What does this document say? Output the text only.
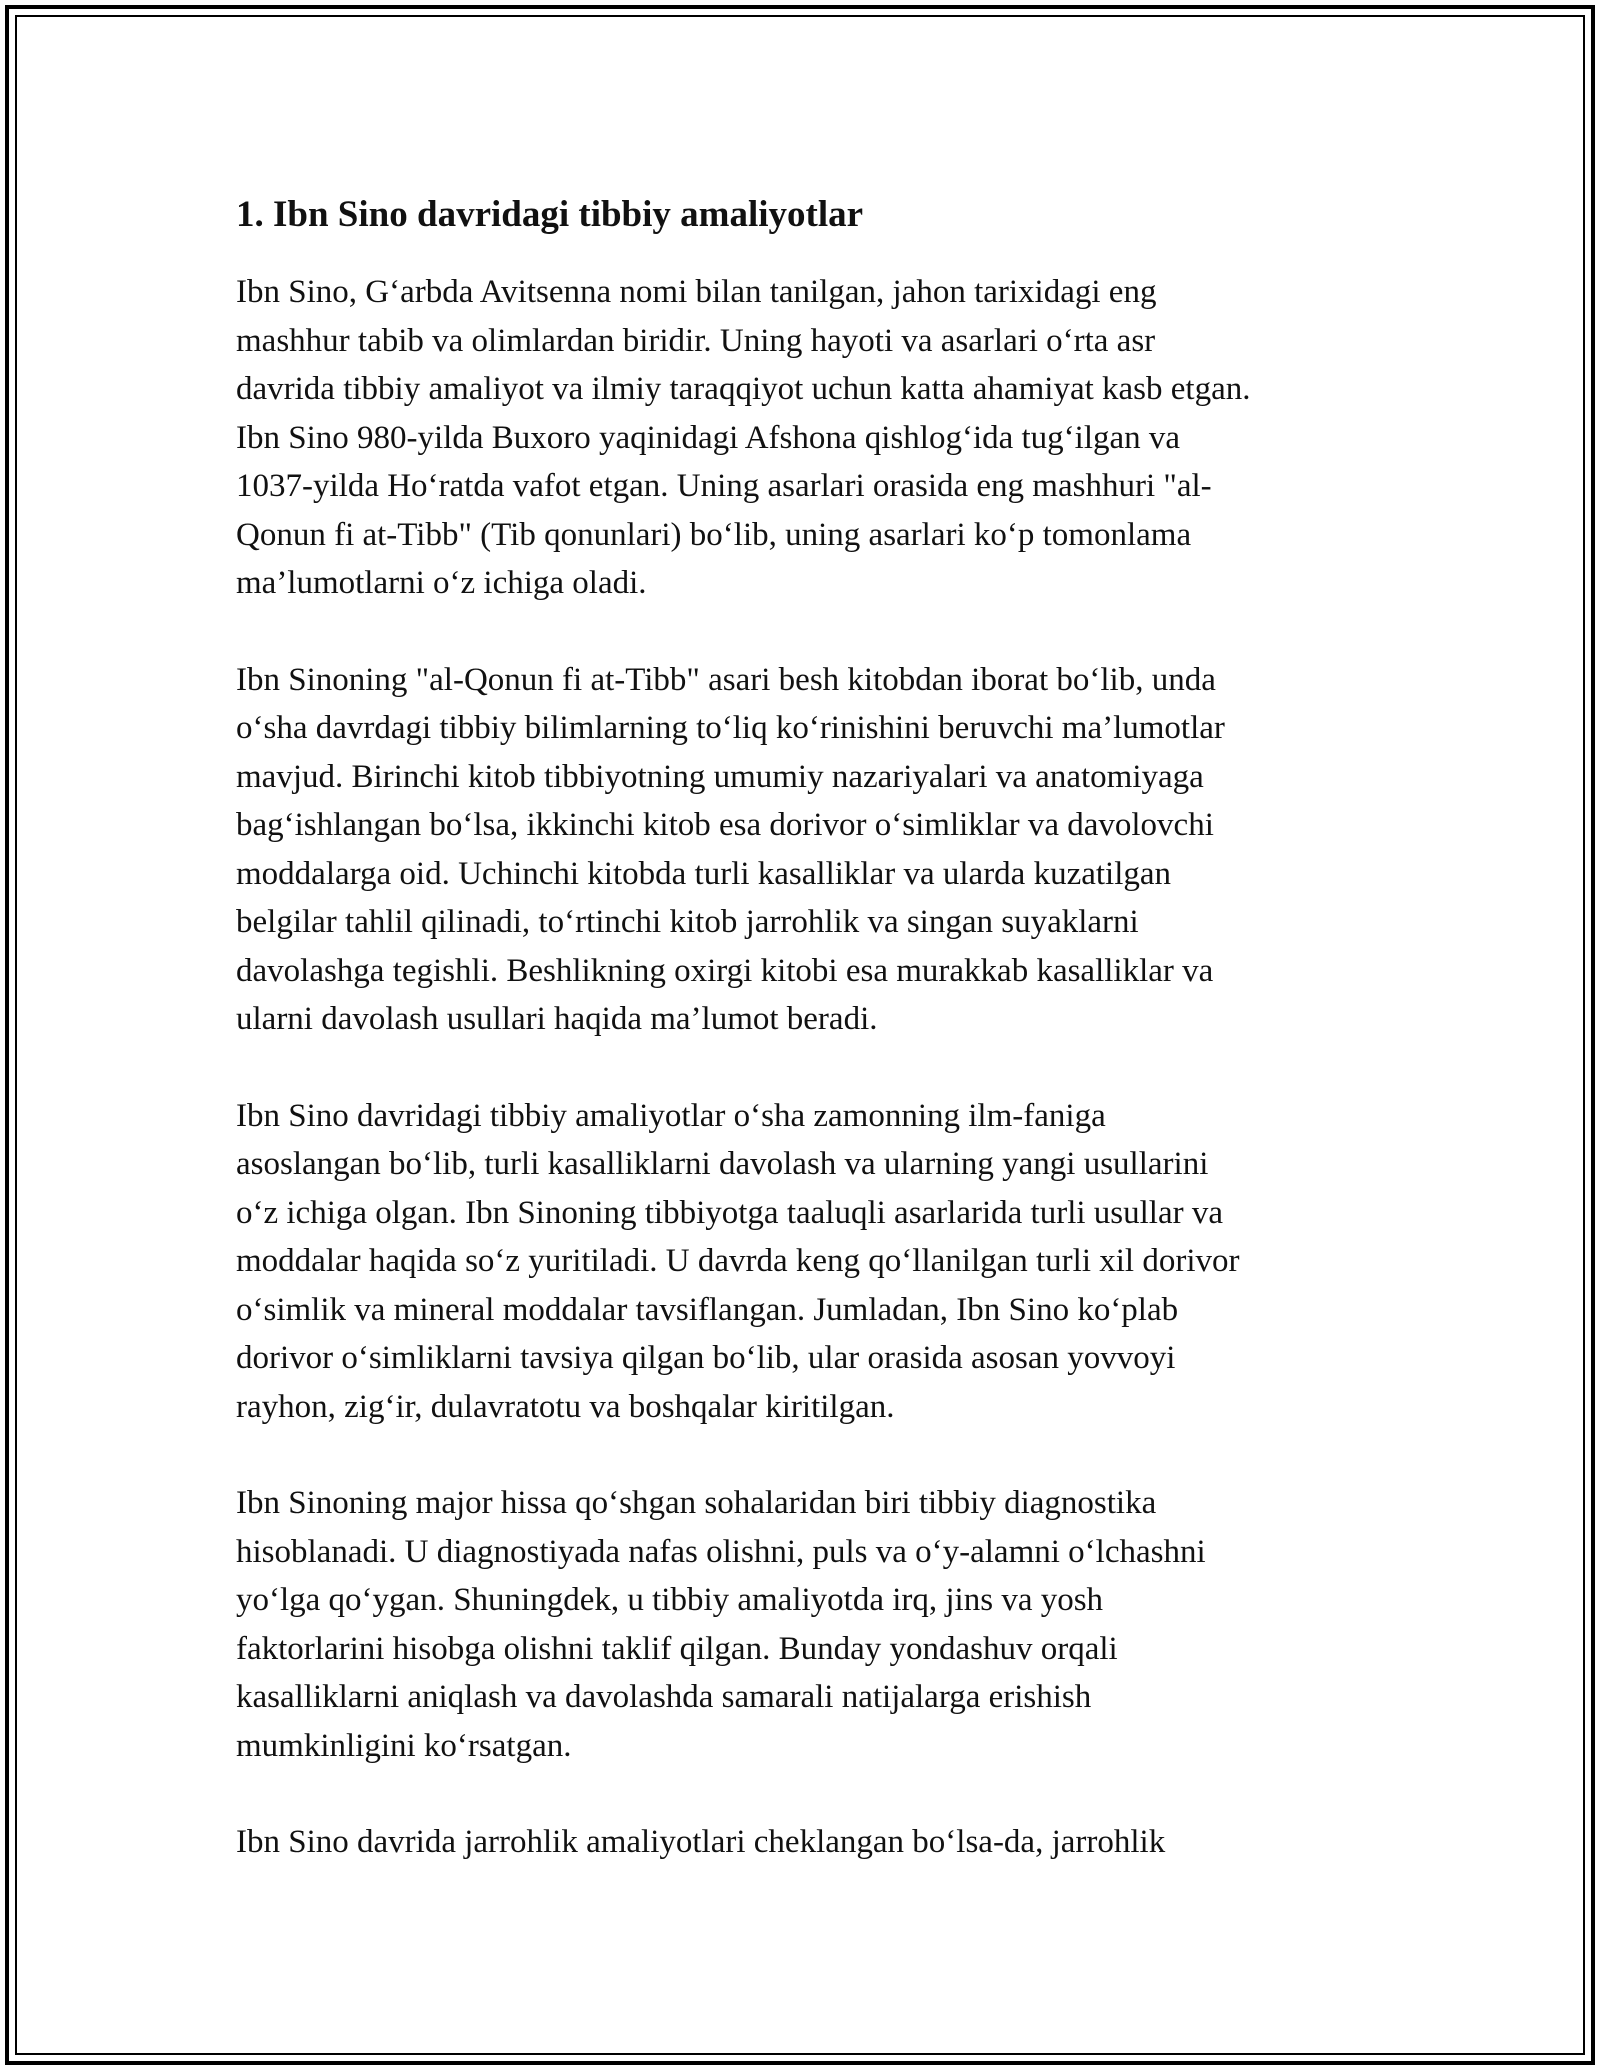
1. Ibn Sino davridagi tibbiy amaliyotlar

Ibn Sino, G‘arbda Avitsenna nomi bilan tanilgan, jahon tarixidagi eng
mashhur tabib va olimlardan biridir. Uning hayoti va asarlari o‘rta asr
davrida tibbiy amaliyot va ilmiy taraqqiyot uchun katta ahamiyat kasb etgan.
Ibn Sino 980-yilda Buxoro yaqinidagi Afshona qishlog‘ida tug‘ilgan va
1037-yilda Ho‘ratda vafot etgan. Uning asarlari orasida eng mashhuri "al-
Qonun fi at-Tibb" (Tib qonunlari) bo‘lib, uning asarlari ko‘p tomonlama
ma’lumotlarni o‘z ichiga oladi.

Ibn Sinoning "al-Qonun fi at-Tibb" asari besh kitobdan iborat bo‘lib, unda
o‘sha davrdagi tibbiy bilimlarning to‘liq ko‘rinishini beruvchi ma’lumotlar
mavjud. Birinchi kitob tibbiyotning umumiy nazariyalari va anatomiyaga
bag‘ishlangan bo‘lsa, ikkinchi kitob esa dorivor o‘simliklar va davolovchi
moddalarga oid. Uchinchi kitobda turli kasalliklar va ularda kuzatilgan
belgilar tahlil qilinadi, to‘rtinchi kitob jarrohlik va singan suyaklarni
davolashga tegishli. Beshlikning oxirgi kitobi esa murakkab kasalliklar va
ularni davolash usullari haqida ma’lumot beradi.

Ibn Sino davridagi tibbiy amaliyotlar o‘sha zamonning ilm-faniga
asoslangan bo‘lib, turli kasalliklarni davolash va ularning yangi usullarini
o‘z ichiga olgan. Ibn Sinoning tibbiyotga taaluqli asarlarida turli usullar va
moddalar haqida so‘z yuritiladi. U davrda keng qo‘llanilgan turli xil dorivor
o‘simlik va mineral moddalar tavsiflangan. Jumladan, Ibn Sino ko‘plab
dorivor o‘simliklarni tavsiya qilgan bo‘lib, ular orasida asosan yovvoyi
rayhon, zig‘ir, dulavratotu va boshqalar kiritilgan.

Ibn Sinoning major hissa qo‘shgan sohalaridan biri tibbiy diagnostika
hisoblanadi. U diagnostiyada nafas olishni, puls va o‘y-alamni o‘lchashni
yo‘lga qo‘ygan. Shuningdek, u tibbiy amaliyotda irq, jins va yosh
faktorlarini hisobga olishni taklif qilgan. Bunday yondashuv orqali
kasalliklarni aniqlash va davolashda samarali natijalarga erishish
mumkinligini ko‘rsatgan.

Ibn Sino davrida jarrohlik amaliyotlari cheklangan bo‘lsa-da, jarrohlik
